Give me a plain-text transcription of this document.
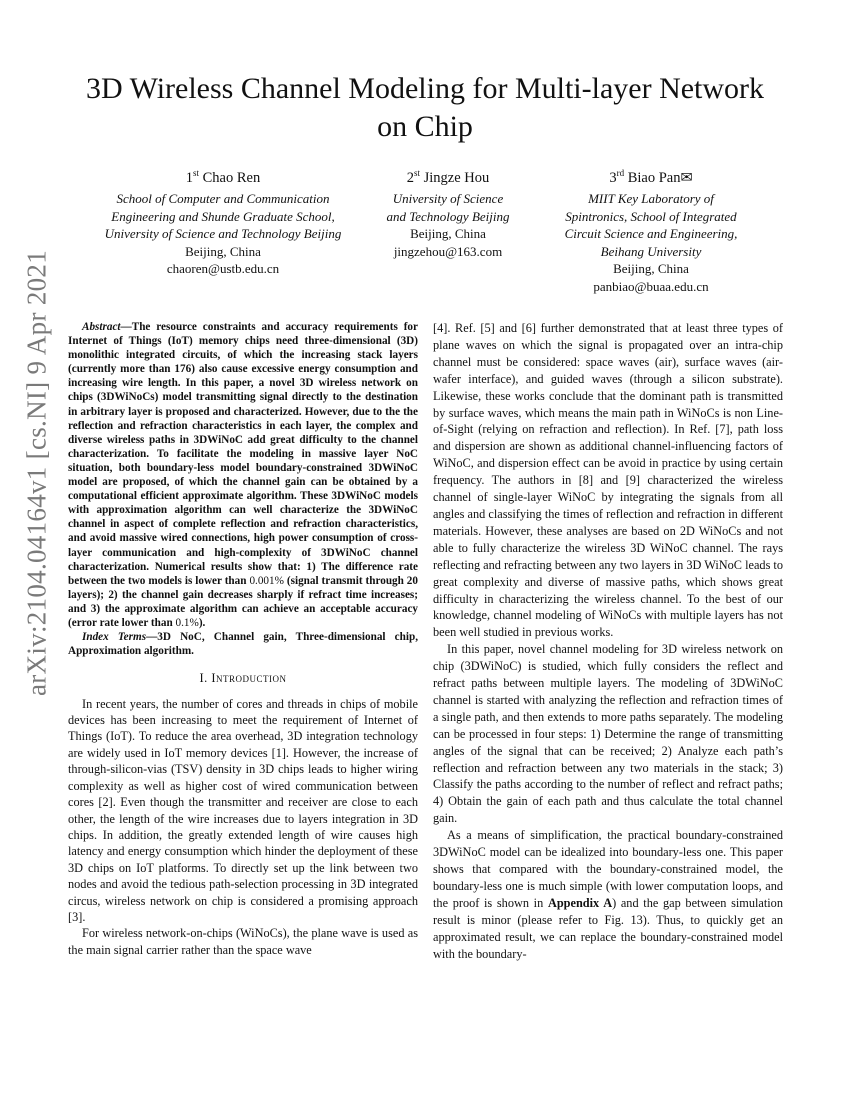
arXiv:2104.04164v1 [cs.NI] 9 Apr 2021
3D Wireless Channel Modeling for Multi-layer Network on Chip
1st Chao Ren
School of Computer and Communication
Engineering and Shunde Graduate School,
University of Science and Technology Beijing
Beijing, China
chaoren@ustb.edu.cn
2st Jingze Hou
University of Science
and Technology Beijing
Beijing, China
jingzehou@163.com
3rd Biao Pan✉
MIIT Key Laboratory of
Spintronics, School of Integrated
Circuit Science and Engineering,
Beihang University
Beijing, China
panbiao@buaa.edu.cn

Abstract—The resource constraints and accuracy requirements for Internet of Things (IoT) memory chips need three-dimensional (3D) monolithic integrated circuits, of which the increasing stack layers (currently more than 176) also cause excessive energy consumption and increasing wire length. In this paper, a novel 3D wireless network on chips (3DWiNoCs) model transmitting signal directly to the destination in arbitrary layer is proposed and characterized. However, due to the the reflection and refraction characteristics in each layer, the complex and diverse wireless paths in 3DWiNoC add great difficulty to the channel characterization. To facilitate the modeling in massive layer NoC situation, both boundary-less model boundary-constrained 3DWiNoC model are proposed, of which the channel gain can be obtained by a computational efficient approximate algorithm. These 3DWiNoC models with approximation algorithm can well characterize the 3DWiNoC channel in aspect of complete reflection and refraction characteristics, and avoid massive wired connections, high power consumption of cross-layer communication and high-complexity of 3DWiNoC channel characterization. Numerical results show that: 1) The difference rate between the two models is lower than 0.001% (signal transmit through 20 layers); 2) the channel gain decreases sharply if refract time increases; and 3) the approximate algorithm can achieve an acceptable accuracy (error rate lower than 0.1%).

Index Terms—3D NoC, Channel gain, Three-dimensional chip, Approximation algorithm.

I. Introduction

In recent years, the number of cores and threads in chips of mobile devices has been increasing to meet the requirement of Internet of Things (IoT). To reduce the area overhead, 3D integration technology are widely used in IoT memory devices [1]. However, the increase of through-silicon-vias (TSV) density in 3D chips leads to higher wiring complexity as well as higher cost of wired communication between cores [2]. Even though the transmitter and receiver are close to each other, the length of the wire increases due to layers integration in 3D chips. In addition, the greatly extended length of wire causes high latency and energy consumption which hinder the deployment of these 3D chips on IoT platforms. To directly set up the link between two nodes and avoid the tedious path-selection processing in 3D integrated circus, wireless network on chip is considered a promising approach [3].

For wireless network-on-chips (WiNoCs), the plane wave is used as the main signal carrier rather than the space wave

[4]. Ref. [5] and [6] further demonstrated that at least three types of plane waves on which the signal is propagated over an intra-chip channel must be considered: space waves (air), surface waves (air-wafer interface), and guided waves (through a silicon substrate). Likewise, these works conclude that the dominant path is transmitted by surface waves, which means the main path in WiNoCs is non Line-of-Sight (relying on refraction and reflection). In Ref. [7], path loss and dispersion are shown as additional channel-influencing factors of WiNoC, and dispersion effect can be avoid in practice by using certain frequency. The authors in [8] and [9] characterized the wireless channel of single-layer WiNoC by integrating the signals from all angles and classifying the times of reflection and refraction in different materials. However, these analyses are based on 2D WiNoCs and not able to fully characterize the wireless 3D WiNoC channel. The rays reflecting and refracting between any two layers in 3D WiNoC leads to great complexity and diverse of massive paths, which shows great difficulty in characterizing the wireless channel. To the best of our knowledge, channel modeling of WiNoCs with multiple layers has not been well studied in previous works.

In this paper, novel channel modeling for 3D wireless network on chip (3DWiNoC) is studied, which fully considers the reflect and refract paths between multiple layers. The modeling of 3DWiNoC channel is started with analyzing the reflection and refraction times of a single path, and then extends to more paths separately. The modeling can be processed in four steps: 1) Determine the range of transmitting angles of the signal that can be received; 2) Analyze each path’s reflection and refraction between any two materials in the stack; 3) Classify the paths according to the number of reflect and refract paths; 4) Obtain the gain of each path and thus calculate the total channel gain.

As a means of simplification, the practical boundary-constrained 3DWiNoC model can be idealized into boundary-less one. This paper shows that compared with the boundary-constrained model, the boundary-less one is much simple (with lower computation loops, and the proof is shown in Appendix A) and the gap between simulation result is minor (please refer to Fig. 13). Thus, to quickly get an approximated result, we can replace the boundary-constrained model with the boundary-
